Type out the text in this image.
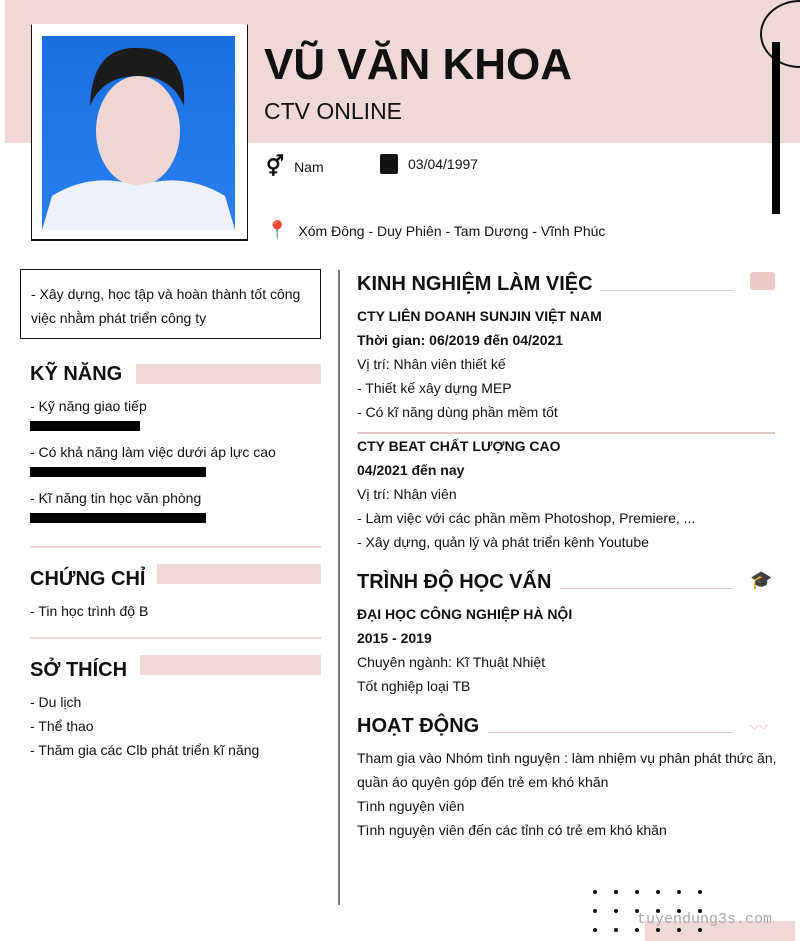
VŨ VĂN KHOA
CTV ONLINE
⚥ Nam	03/04/1997
📍 Xóm Đông - Duy Phiên - Tam Dương - Vĩnh Phúc
- Xây dựng, học tập và hoàn thành tốt công việc nhằm phát triển công ty
KỸ NĂNG
- Kỹ năng giao tiếp
- Có khả năng làm việc dưới áp lực cao
- Kĩ năng tin học văn phòng
CHỨNG CHỈ
- Tin học trình độ B
SỞ THÍCH
- Du lịch
- Thể thao
- Thăm gia các Clb phát triển kĩ năng
KINH NGHIỆM LÀM VIỆC
CTY LIÊN DOANH SUNJIN VIỆT NAM
Thời gian: 06/2019 đến 04/2021
Vị trí: Nhân viên thiết kế
- Thiết kế xây dựng MEP
- Có kĩ năng dùng phần mềm tốt
CTY BEAT CHẤT LƯỢNG CAO
04/2021 đến nay
Vị trí: Nhân viên
- Làm việc với các phần mềm Photoshop, Premiere, ...
- Xây dựng, quản lý và phát triển kênh Youtube
TRÌNH ĐỘ HỌC VẤN	🎓
ĐẠI HỌC CÔNG NGHIỆP HÀ NỘI
2015 - 2019
Chuyên ngành: Kĩ Thuật Nhiệt
Tốt nghiệp loại TB
HOẠT ĐỘNG	〰
Tham gia vào Nhóm tình nguyện : làm nhiệm vụ phân phát thức ăn,
quần áo quyên góp đến trẻ em khó khăn
Tình nguyện viên
Tình nguyện viên đến các tỉnh có trẻ em khó khăn
tuyendung3s.com
